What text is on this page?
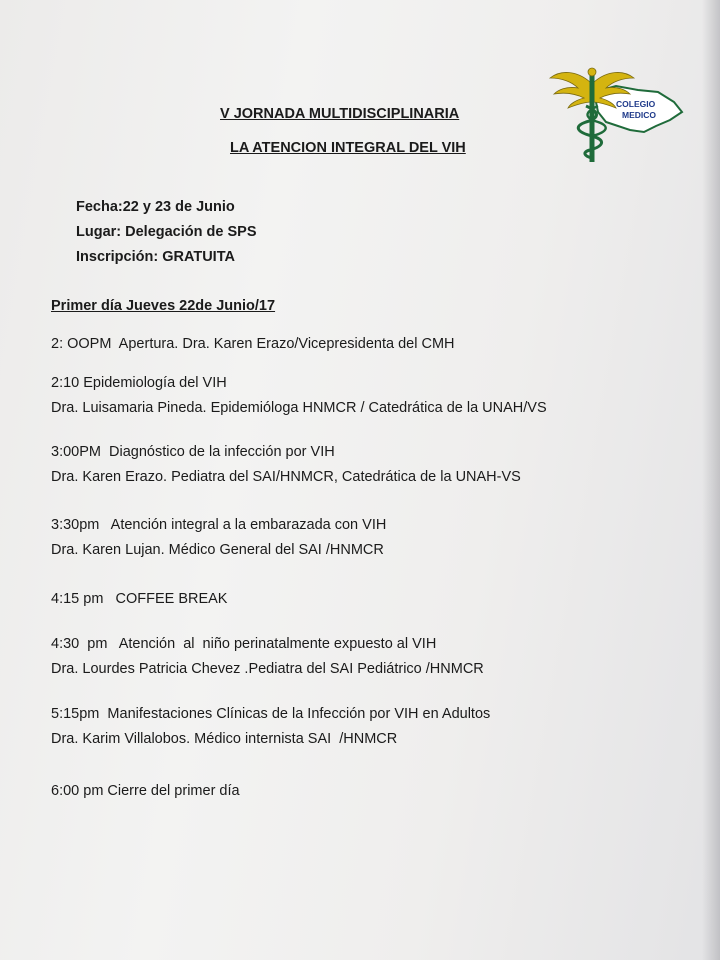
COLEGIO
MEDICO
V JORNADA MULTIDISCIPLINARIA
LA ATENCION INTEGRAL DEL VIH
Fecha:22 y 23 de Junio
Lugar: Delegación de SPS
Inscripción: GRATUITA
Primer día Jueves 22de Junio/17
2: OOPM  Apertura. Dra. Karen Erazo/Vicepresidenta del CMH
2:10 Epidemiología del VIH
Dra. Luisamaria Pineda. Epidemióloga HNMCR / Catedrática de la UNAH/VS
3:00PM  Diagnóstico de la infección por VIH
Dra. Karen Erazo. Pediatra del SAI/HNMCR, Catedrática de la UNAH-VS
3:30pm   Atención integral a la embarazada con VIH
Dra. Karen Lujan. Médico General del SAI /HNMCR
4:15 pm   COFFEE BREAK
4:30  pm   Atención  al  niño perinatalmente expuesto al VIH
Dra. Lourdes Patricia Chevez .Pediatra del SAI Pediátrico /HNMCR
5:15pm  Manifestaciones Clínicas de la Infección por VIH en Adultos
Dra. Karim Villalobos. Médico internista SAI  /HNMCR
6:00 pm Cierre del primer día
